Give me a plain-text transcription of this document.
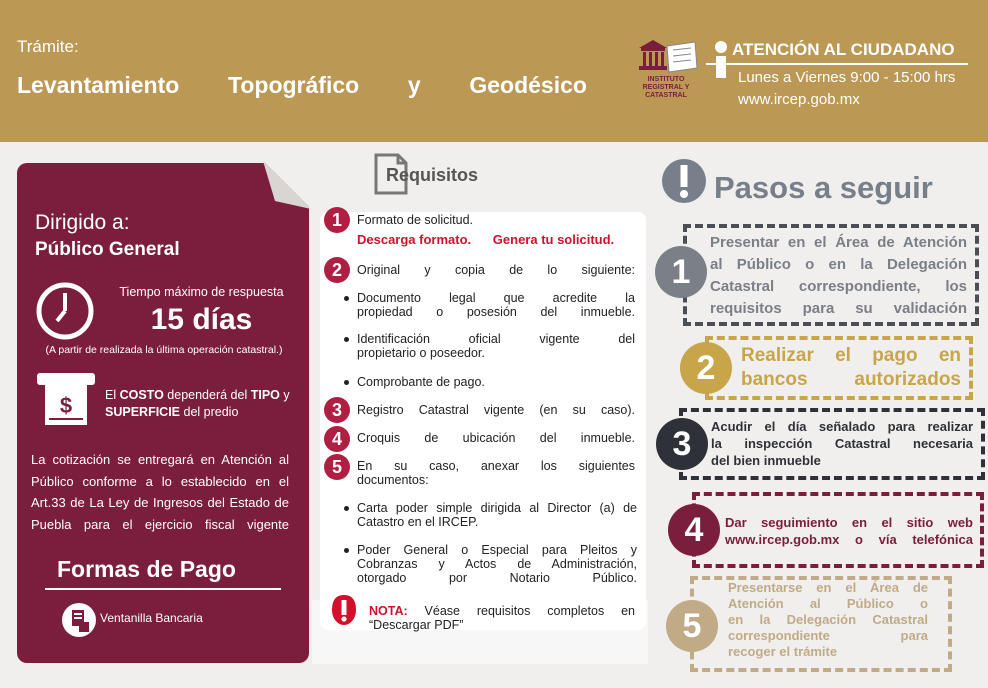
Trámite:
Levantamiento Topográfico y Geodésico	INSTITUTO
REGISTRAL Y
CATASTRAL
ATENCIÓN AL CIUDADANO
Lunes a Viernes 9:00 - 15:00 hrs
www.ircep.gob.mx
Dirigido a:
Público General
Tiempo máximo de respuesta
15 días
(A partir de realizada la última operación catastral.)
$	El COSTO dependerá del TIPO y SUPERFICIE del predio
La cotización se entregará en Atención al
Público conforme a lo establecido en el
Art.33 de La Ley de Ingresos del Estado de
Puebla para el ejercicio fiscal vigente
Formas de Pago
Ventanilla Bancaria
Requisitos
1	Formato de solicitud.
Descarga formato. Genera tu solicitud.
2	Original y copia de lo siguiente:
Documento legal que acredite la
propiedad o posesión del inmueble.
Identificación oficial vigente del
propietario o poseedor.
Comprobante de pago.
3	Registro Catastral vigente (en su caso).
4	Croquis de ubicación del inmueble.
5	En su caso, anexar los siguientes
documentos:
Carta poder simple dirigida al Director (a) de
Catastro en el IRCEP.
Poder General o Especial para Pleitos y
Cobranzas y Actos de Administración,
otorgado por Notario Público.
NOTA: Véase requisitos completos en
“Descargar PDF”
Pasos a seguir
1
Presentar en el Área de Atención
al Público o en la Delegación
Catastral correspondiente, los
requisitos para su validación
2	Realizar el pago en
bancos autorizados
3	Acudir el día señalado para realizar
la inspección Catastral necesaria
del bien inmueble
4	Dar seguimiento en el sitio web
www.ircep.gob.mx o vía telefónica
5
Presentarse en el Área de
Atención al Público o
en la Delegación Catastral
correspondiente para
recoger el trámite
